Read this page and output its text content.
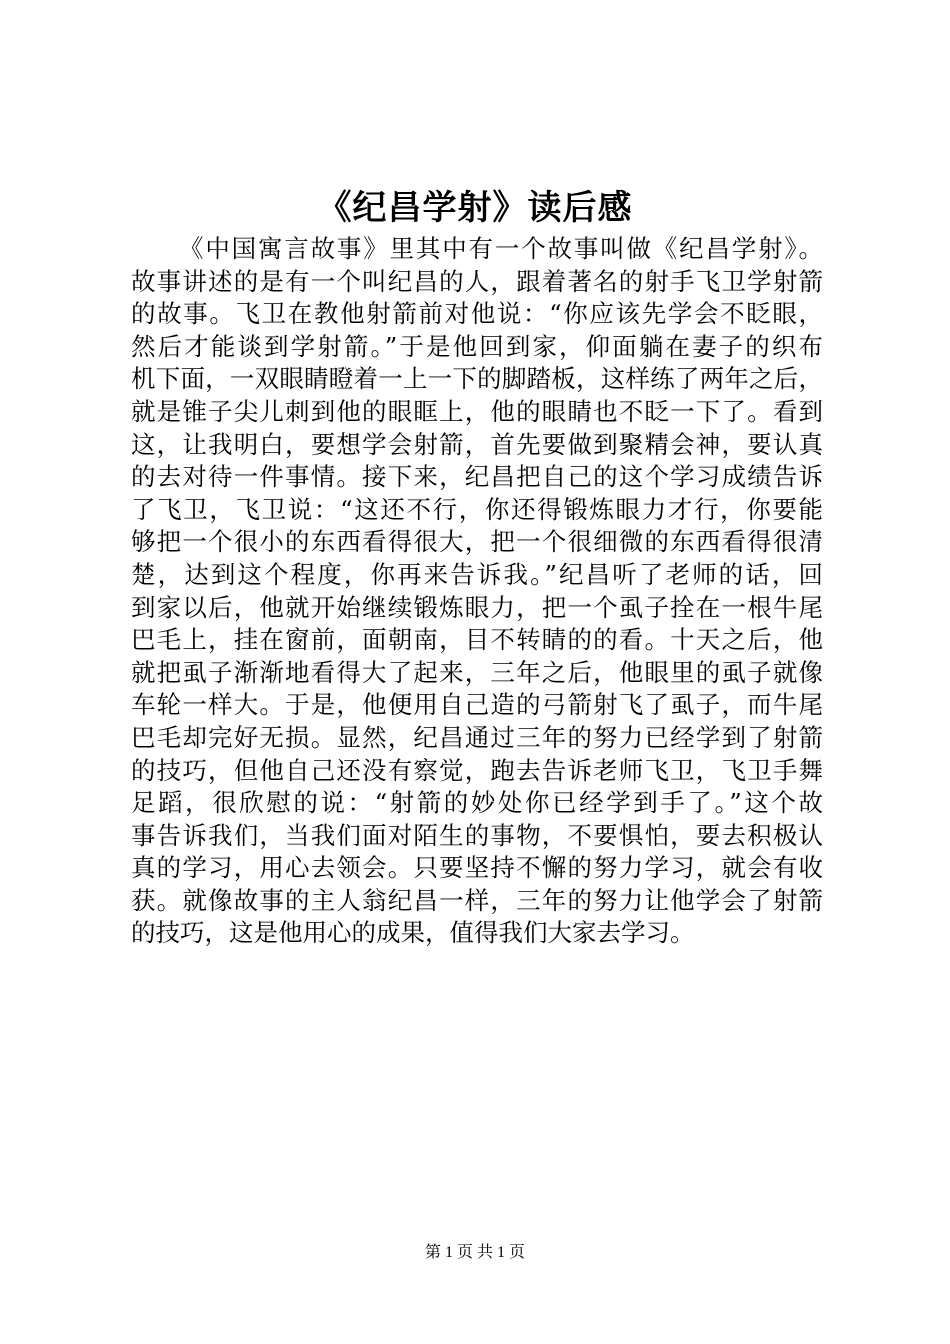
《纪昌学射》读后感
《中国寓言故事》里其中有一个故事叫做《纪昌学射》。
故事讲述的是有一个叫纪昌的人，跟着著名的射手飞卫学射箭
的故事。飞卫在教他射箭前对他说：“你应该先学会不眨眼，
然后才能谈到学射箭。”于是他回到家，仰面躺在妻子的织布
机下面，一双眼睛瞪着一上一下的脚踏板，这样练了两年之后，
就是锥子尖儿刺到他的眼眶上，他的眼睛也不眨一下了。看到
这，让我明白，要想学会射箭，首先要做到聚精会神，要认真
的去对待一件事情。接下来，纪昌把自己的这个学习成绩告诉
了飞卫，飞卫说：“这还不行，你还得锻炼眼力才行，你要能
够把一个很小的东西看得很大，把一个很细微的东西看得很清
楚，达到这个程度，你再来告诉我。”纪昌听了老师的话，回
到家以后，他就开始继续锻炼眼力，把一个虱子拴在一根牛尾
巴毛上，挂在窗前，面朝南，目不转睛的的看。十天之后，他
就把虱子渐渐地看得大了起来，三年之后，他眼里的虱子就像
车轮一样大。于是，他便用自己造的弓箭射飞了虱子，而牛尾
巴毛却完好无损。显然，纪昌通过三年的努力已经学到了射箭
的技巧，但他自己还没有察觉，跑去告诉老师飞卫，飞卫手舞
足蹈，很欣慰的说：“射箭的妙处你已经学到手了。”这个故
事告诉我们，当我们面对陌生的事物，不要惧怕，要去积极认
真的学习，用心去领会。只要坚持不懈的努力学习，就会有收
获。就像故事的主人翁纪昌一样，三年的努力让他学会了射箭
的技巧，这是他用心的成果，值得我们大家去学习。
第 1 页 共 1 页
